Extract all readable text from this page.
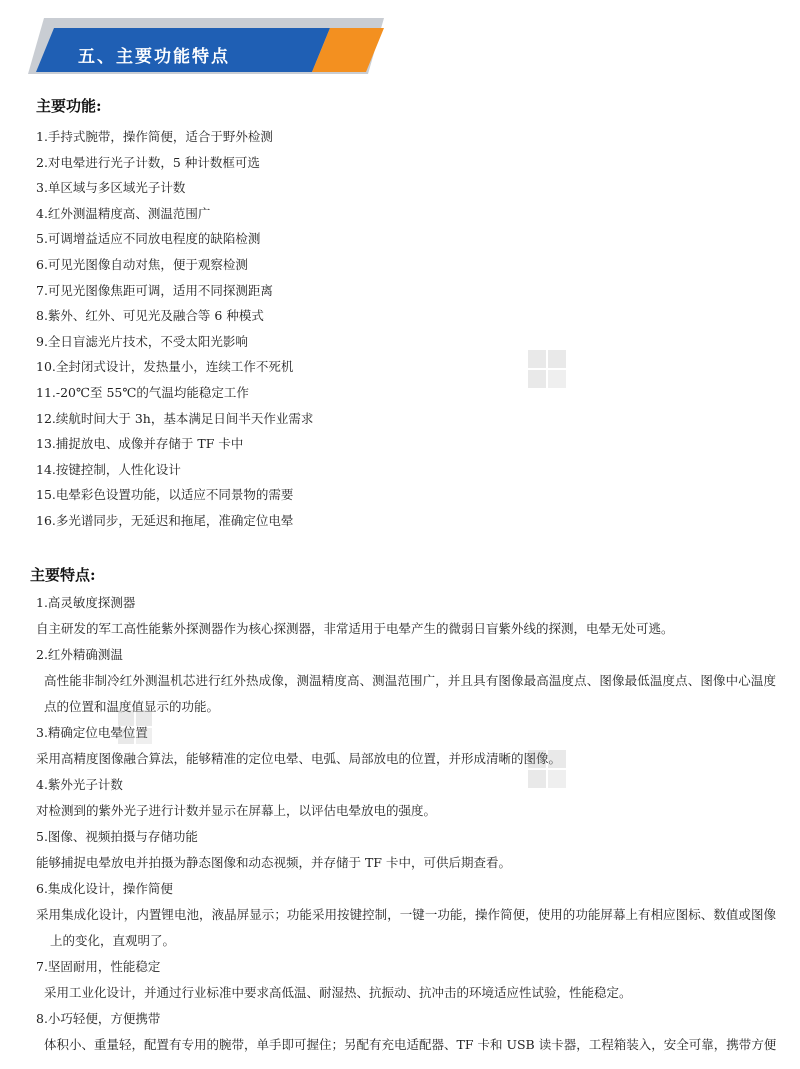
五、主要功能特点
主要功能:
1.手持式腕带，操作简便，适合于野外检测
2.对电晕进行光子计数，5 种计数框可选
3.单区域与多区域光子计数
4.红外测温精度高、测温范围广
5.可调增益适应不同放电程度的缺陷检测
6.可见光图像自动对焦，便于观察检测
7.可见光图像焦距可调，适用不同探测距离
8.紫外、红外、可见光及融合等 6 种模式
9.全日盲滤光片技术，不受太阳光影响
10.全封闭式设计，发热量小，连续工作不死机
11.-20℃至 55℃的气温均能稳定工作
12.续航时间大于 3h，基本满足日间半天作业需求
13.捕捉放电、成像并存储于 TF 卡中
14.按键控制，人性化设计
15.电晕彩色设置功能，以适应不同景物的需要
16.多光谱同步，无延迟和拖尾，准确定位电晕
主要特点:
1.高灵敏度探测器
自主研发的军工高性能紫外探测器作为核心探测器，非常适用于电晕产生的微弱日盲紫外线的探测，电晕无处可逃。
2.红外精确测温
高性能非制冷红外测温机芯进行红外热成像，测温精度高、测温范围广，并且具有图像最高温度点、图像最低温度点、图像中心温度点的位置和温度值显示的功能。
3.精确定位电晕位置
采用高精度图像融合算法，能够精准的定位电晕、电弧、局部放电的位置，并形成清晰的图像。
4.紫外光子计数
对检测到的紫外光子进行计数并显示在屏幕上，以评估电晕放电的强度。
5.图像、视频拍摄与存储功能
能够捕捉电晕放电并拍摄为静态图像和动态视频，并存储于 TF 卡中，可供后期查看。
6.集成化设计，操作简便
采用集成化设计，内置锂电池，液晶屏显示；功能采用按键控制，一键一功能，操作简便，使用的功能屏幕上有相应图标、数值或图像上的变化，直观明了。
7.坚固耐用，性能稳定
采用工业化设计，并通过行业标准中要求高低温、耐湿热、抗振动、抗冲击的环境适应性试验，性能稳定。
8.小巧轻便，方便携带
体积小、重量轻，配置有专用的腕带，单手即可握住；另配有充电适配器、TF 卡和 USB 读卡器，工程箱装入，安全可靠，携带方便
